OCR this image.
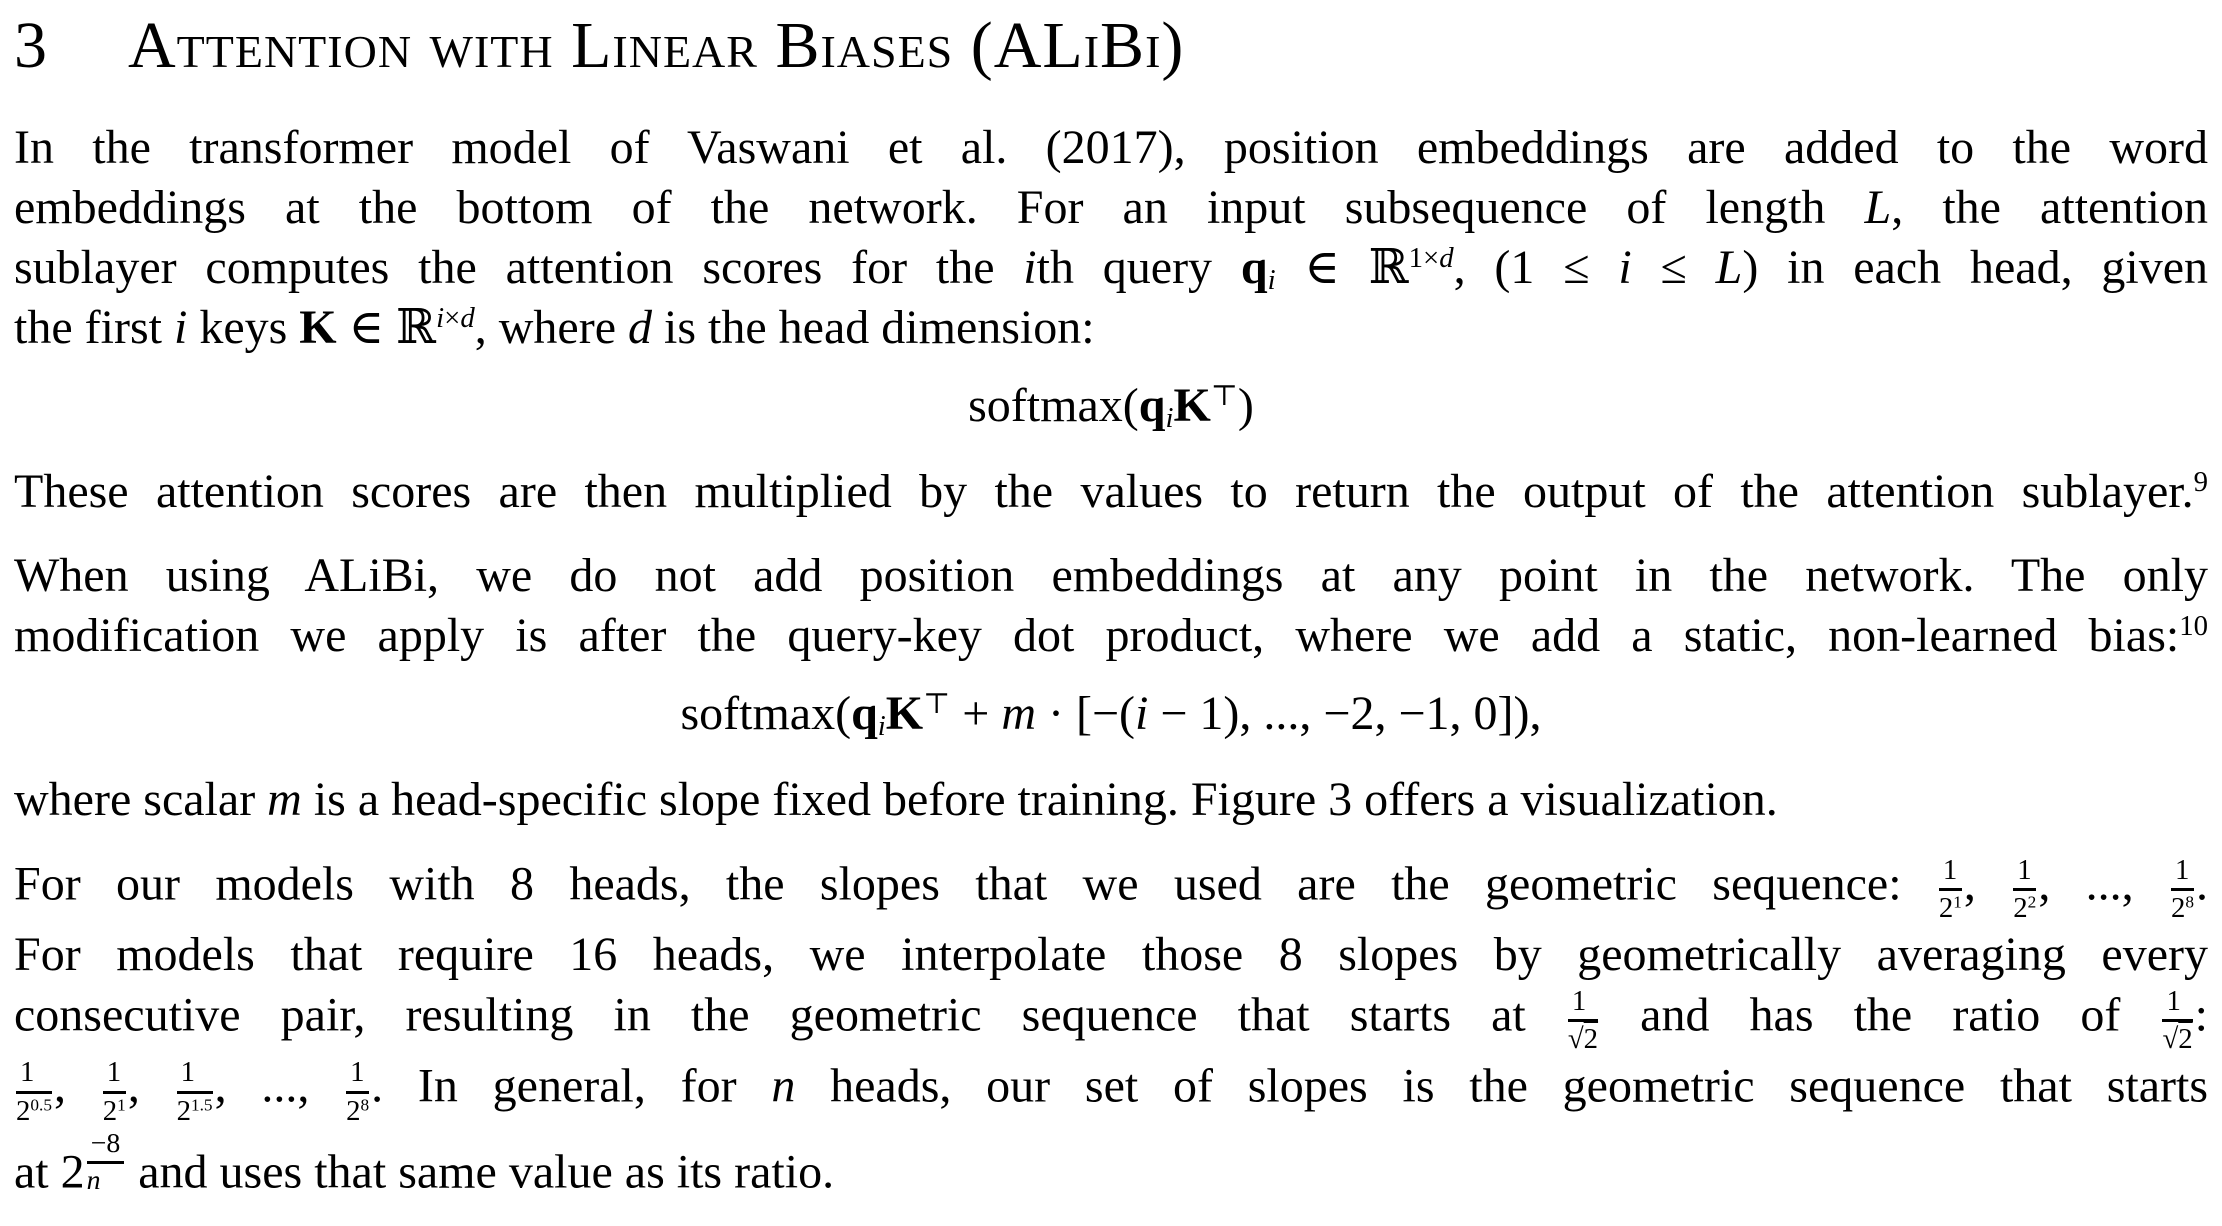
3 Attention with Linear Biases (ALiBi)
In the transformer model of Vaswani et al. (2017), position embeddings are added to the word
embeddings at the bottom of the network. For an input subsequence of length L, the attention
sublayer computes the attention scores for the ith query $q_i$ ∈ ℝ$^{1\times d}$, (1 ≤ i ≤ L) in each head, given
the first i keys K ∈ ℝ$^{i\times d}$, where d is the head dimension:
$softmax(q_iK^⊤)$
These attention scores are then multiplied by the values to return the output of the attention sublayer.$^9$
When using ALiBi, we do not add position embeddings at any point in the network. The only
modification we apply is after the query-key dot product, where we add a static, non-learned bias:$^{10}$
$softmax(q_iK^⊤ + m \cdot [-(i - 1)$, ..., −2, −1, 0]),
where scalar m is a head-specific slope fixed before training. Figure 3 offers a visualization.
For our models with 8 heads, the slopes that we used are the geometric sequence: $\frac{1}{2^1}$ , $\frac{1}{2^2}$ , ..., $\frac{1}{2^8}$ .
For models that require 16 heads, we interpolate those 8 slopes by geometrically averaging every
consecutive pair, resulting in the geometric sequence that starts at $\frac{1}{√2}$ and has the ratio of $\frac{1}{√2}$ :
$\frac{1}{2^{0.5}}$ , $\frac{1}{2^1}$ , $\frac{1}{2^{1.5}}$ , ..., $\frac{1}{2^8}$ . In general, for n heads, our set of slopes is the geometric sequence that starts
at 2 $^{\frac{-8}{n}}$ and uses that same value as its ratio.
